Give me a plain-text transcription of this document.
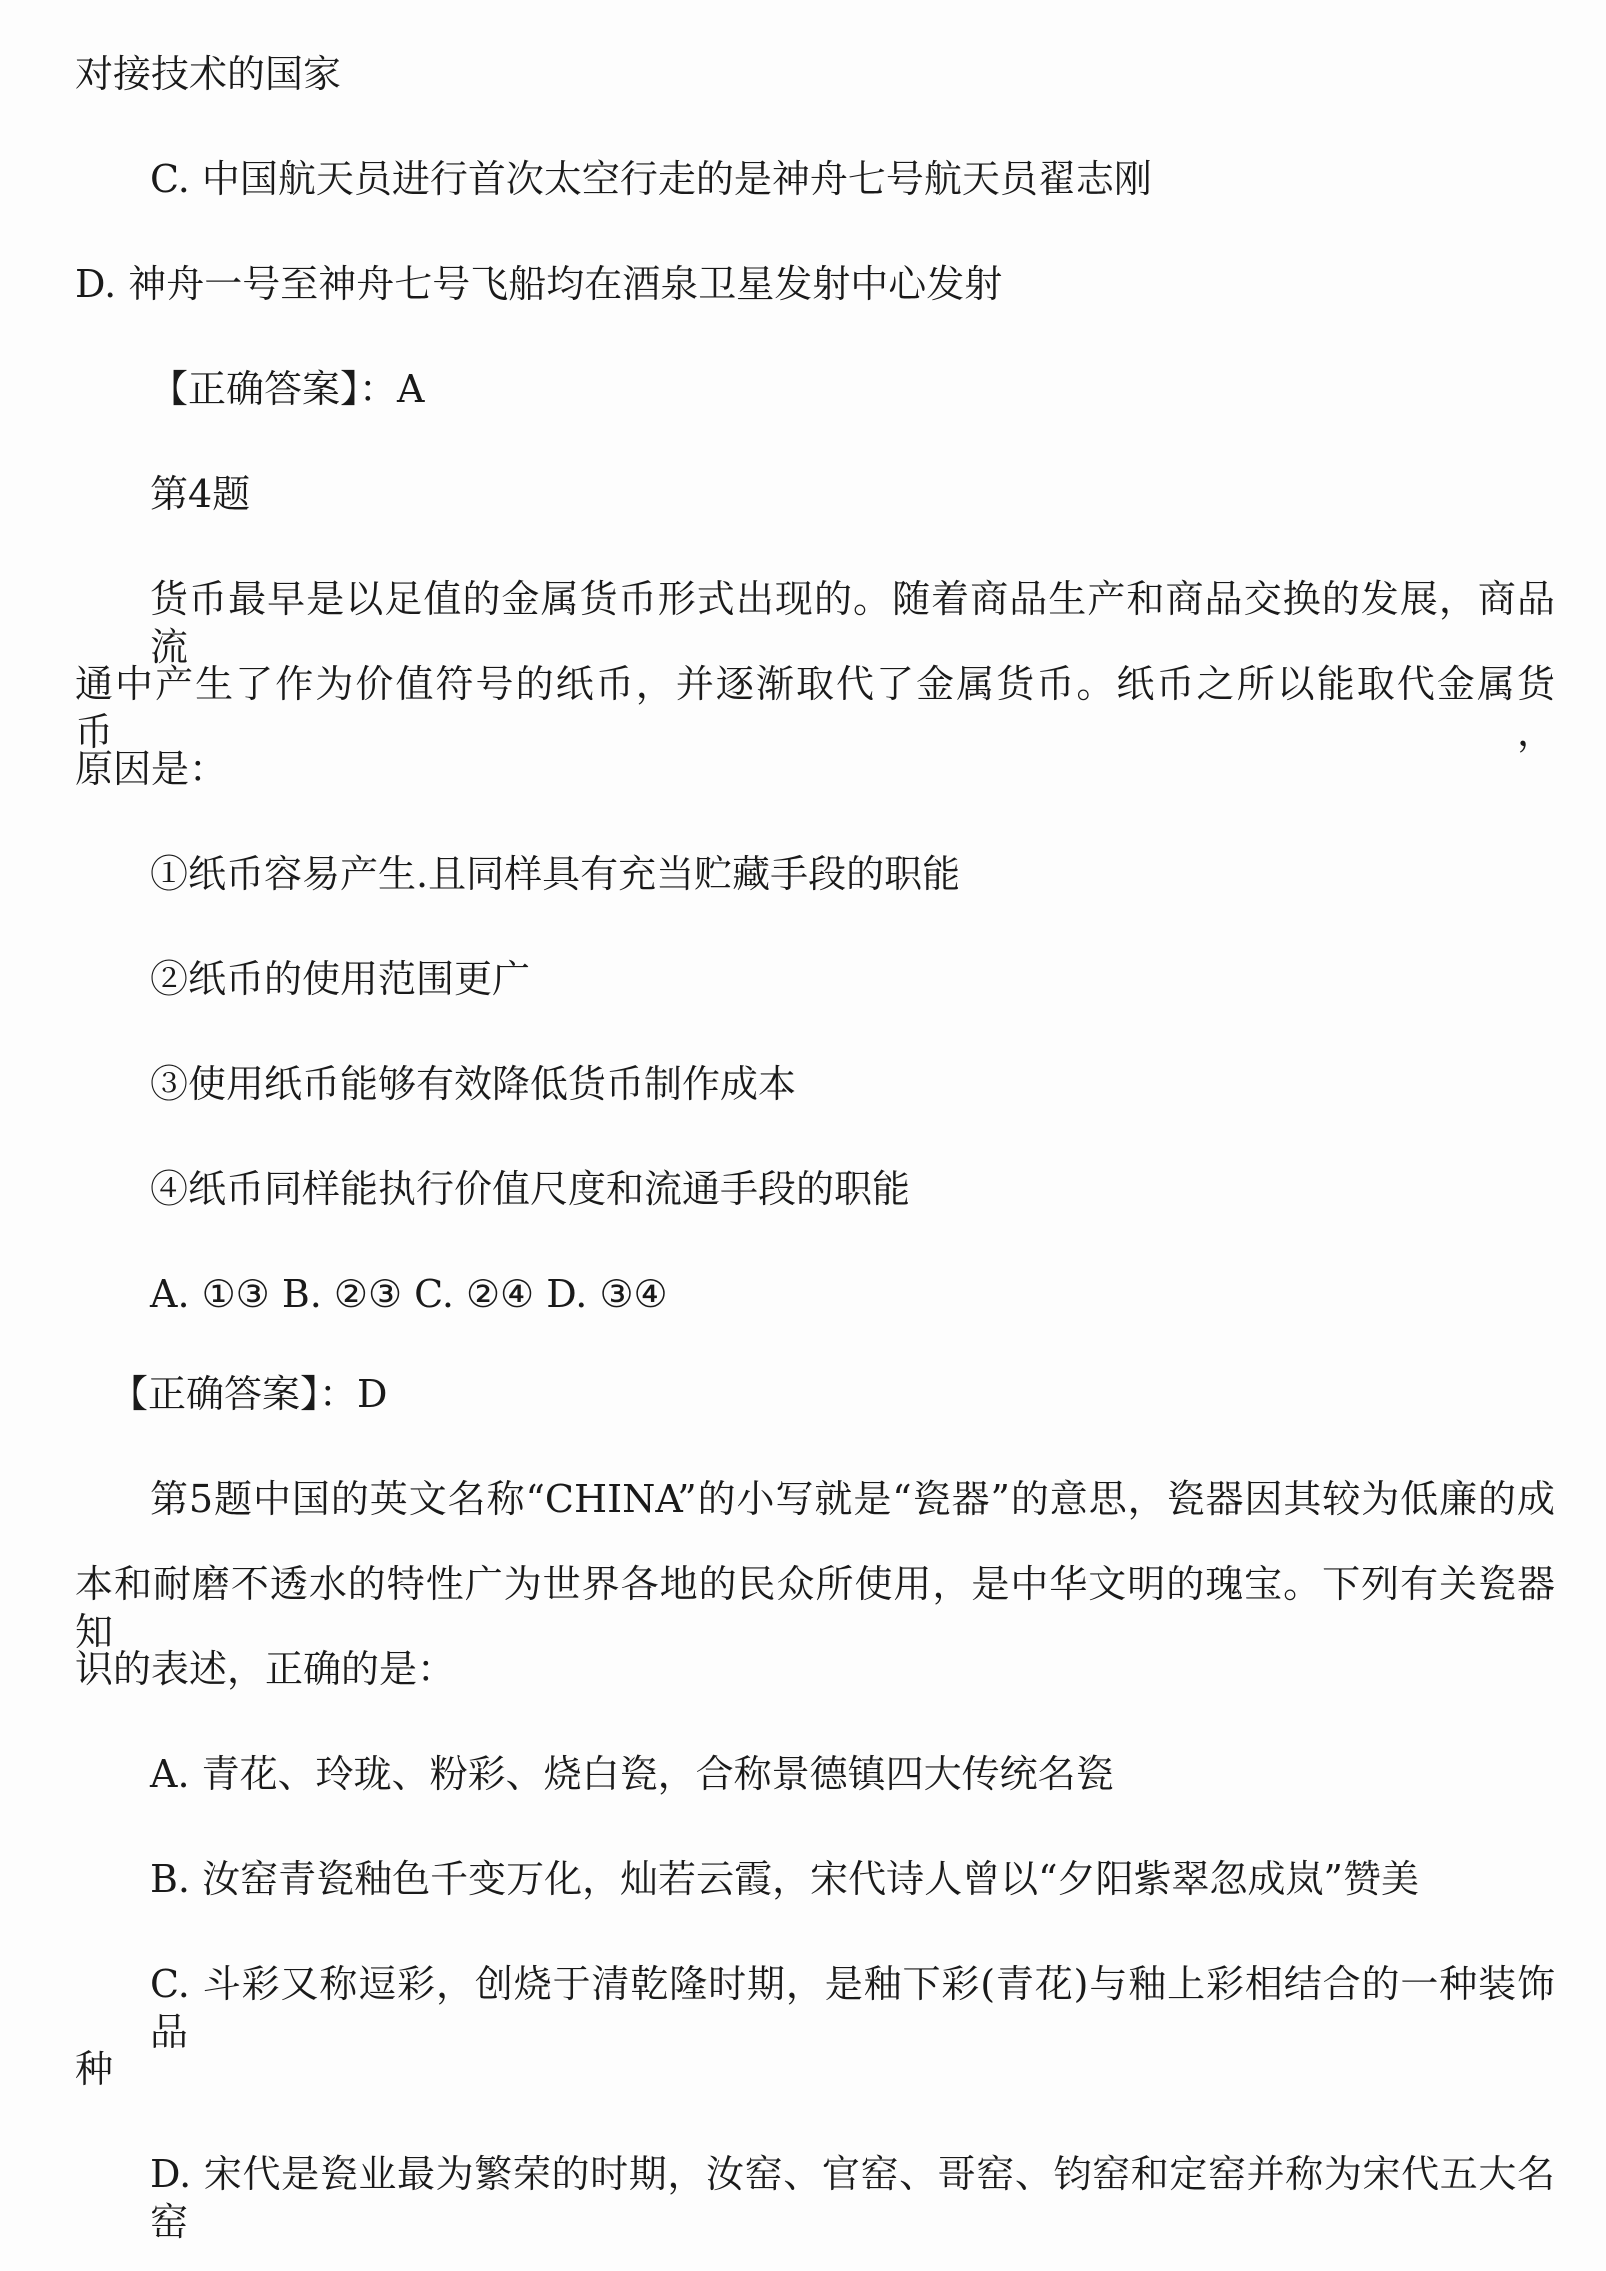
对接技术的国家
C. 中国航天员进行首次太空行走的是神舟七号航天员翟志刚
D. 神舟一号至神舟七号飞船均在酒泉卫星发射中心发射
【正确答案】：A
第4题
货币最早是以足值的金属货币形式出现的。随着商品生产和商品交换的发展，商品流
通中产生了作为价值符号的纸币，并逐渐取代了金属货币。纸币之所以能取代金属货币，
原因是：
①纸币容易产生.且同样具有充当贮藏手段的职能
②纸币的使用范围更广
③使用纸币能够有效降低货币制作成本
④纸币同样能执行价值尺度和流通手段的职能
A. ①③ B. ②③ C. ②④ D. ③④
【正确答案】：D
第5题中国的英文名称“CHINA”的小写就是“瓷器”的意思，瓷器因其较为低廉的成
本和耐磨不透水的特性广为世界各地的民众所使用，是中华文明的瑰宝。下列有关瓷器知
识的表述，正确的是：
A. 青花、玲珑、粉彩、烧白瓷，合称景德镇四大传统名瓷
B. 汝窑青瓷釉色千变万化，灿若云霞，宋代诗人曾以“夕阳紫翠忽成岚”赞美
C. 斗彩又称逗彩，创烧于清乾隆时期，是釉下彩(青花)与釉上彩相结合的一种装饰品
种
D. 宋代是瓷业最为繁荣的时期，汝窑、官窑、哥窑、钧窑和定窑并称为宋代五大名窑
